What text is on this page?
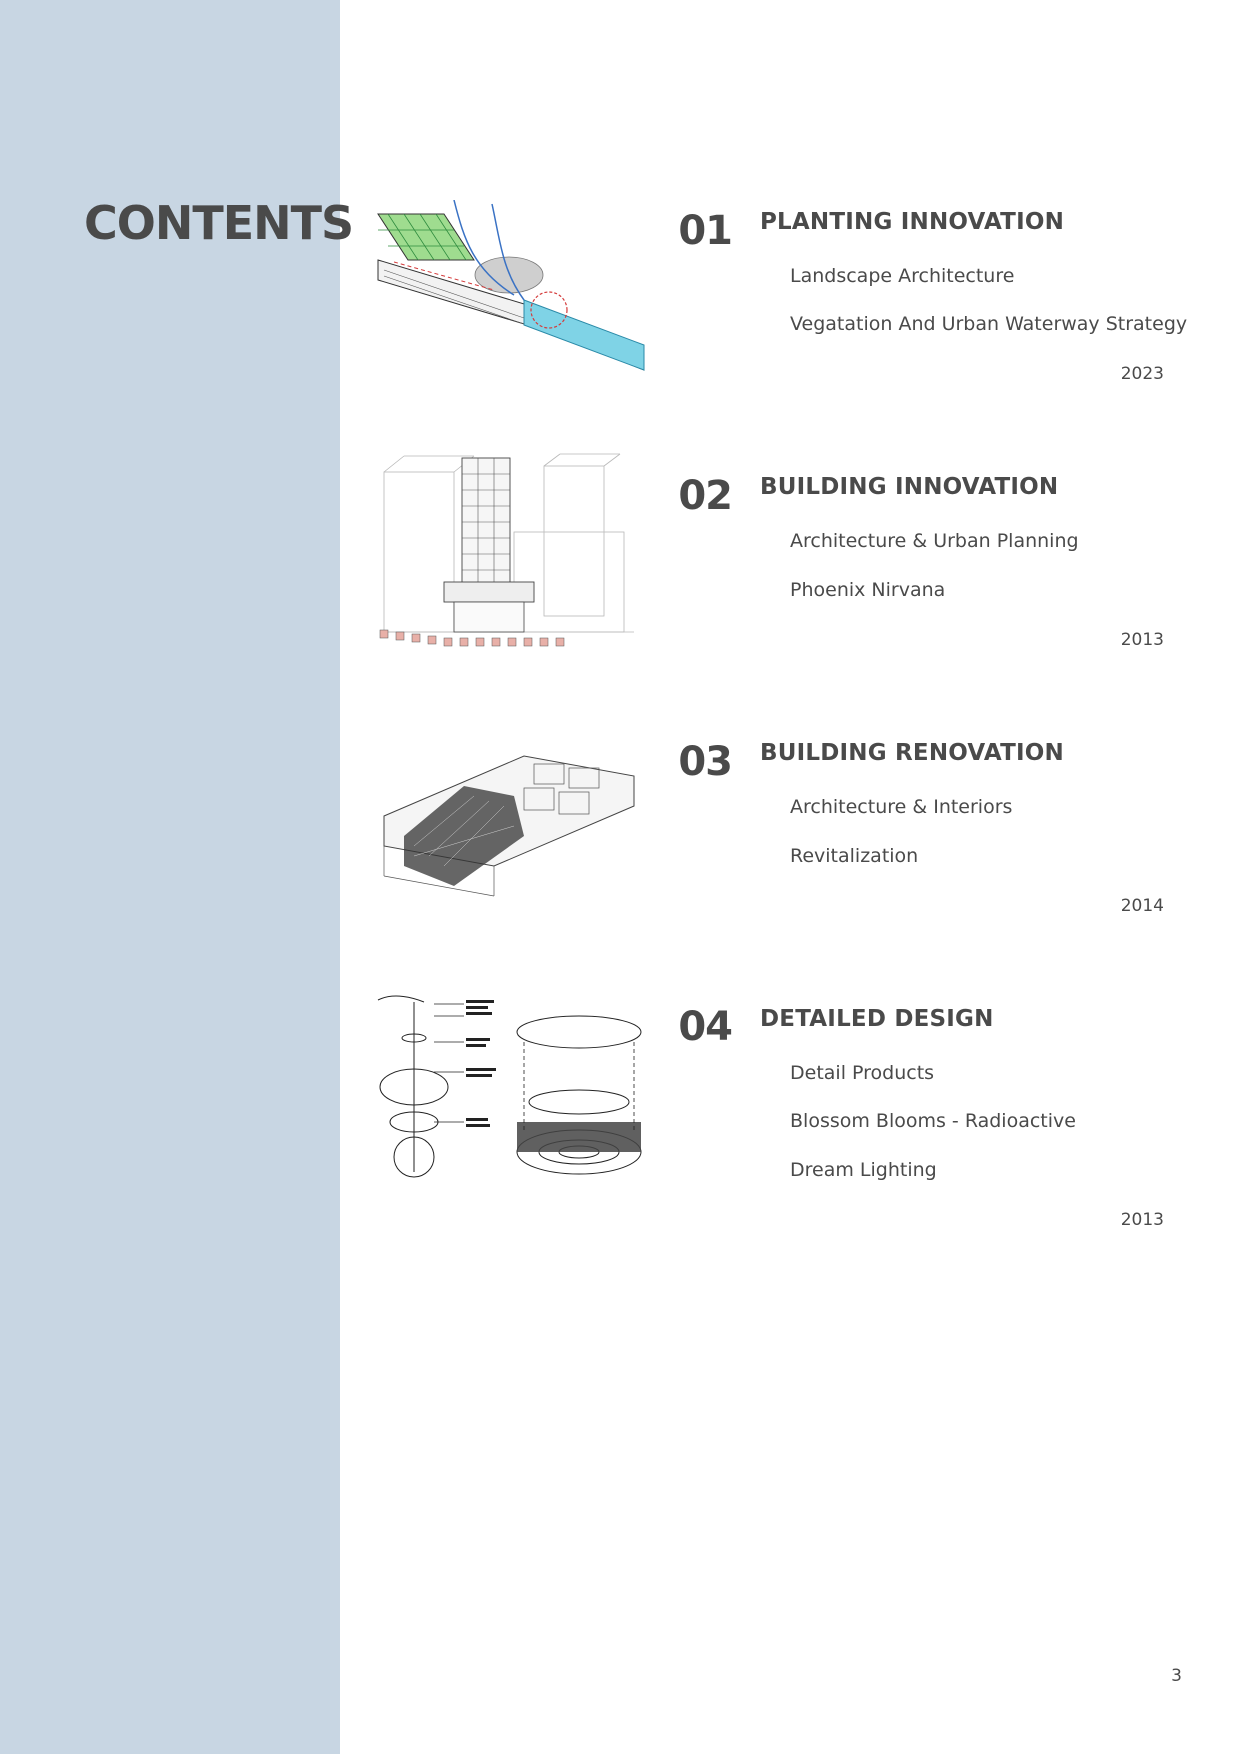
CONTENTS	01 PLANTING INNOVATION
Landscape Architecture
Vegatation And Urban Waterway Strategy
2023
02 BUILDING INNOVATION
Architecture & Urban Planning
Phoenix Nirvana
2013
03 BUILDING RENOVATION
Architecture & Interiors
Revitalization
2014
04 DETAILED DESIGN
Detail Products
Blossom Blooms - Radioactive
Dream Lighting
2013
3
